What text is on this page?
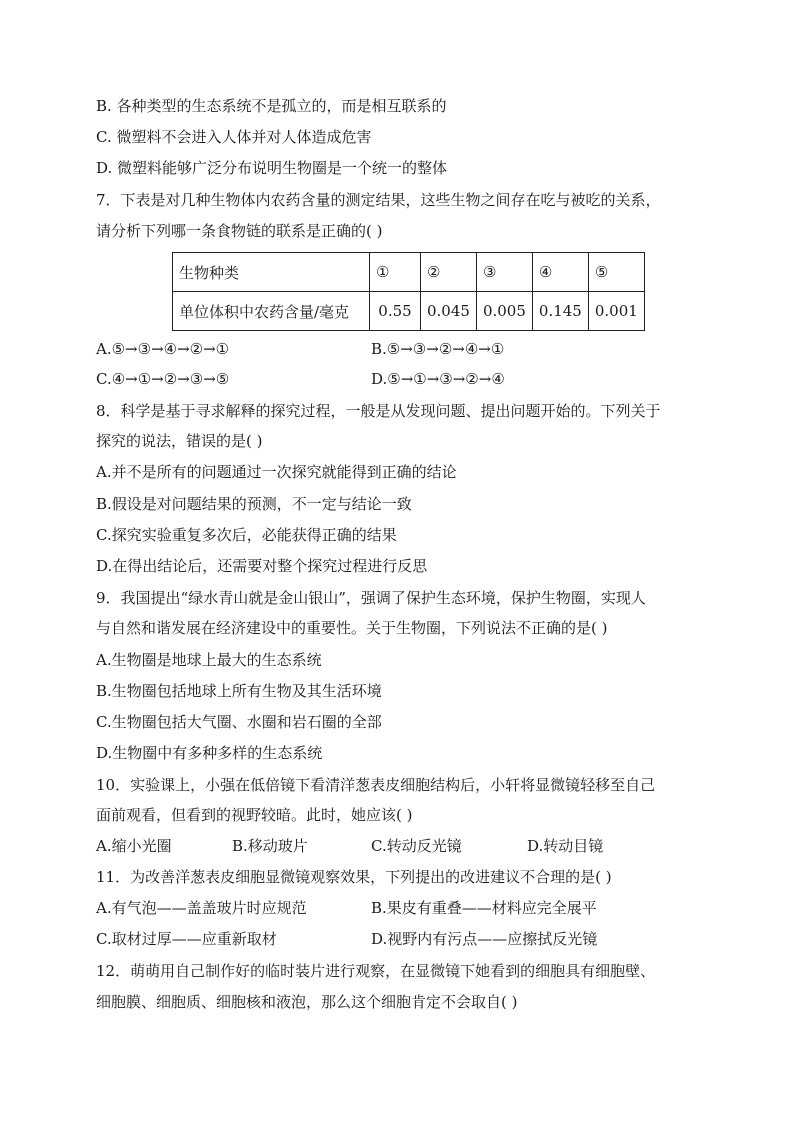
B. 各种类型的生态系统不是孤立的，而是相互联系的
C. 微塑料不会进入人体并对人体造成危害
D. 微塑料能够广泛分布说明生物圈是一个统一的整体
7．下表是对几种生物体内农药含量的测定结果，这些生物之间存在吃与被吃的关系，
请分析下列哪一条食物链的联系是正确的( )
生物种类	①	②	③	④	⑤
单位体积中农药含量/毫克	0.55	0.045	0.005	0.145	0.001
A.⑤→③→④→②→①	B.⑤→③→②→④→①
C.④→①→②→③→⑤	D.⑤→①→③→②→④
8．科学是基于寻求解释的探究过程，一般是从发现问题、提出问题开始的。下列关于
探究的说法，错误的是( )
A.并不是所有的问题通过一次探究就能得到正确的结论
B.假设是对问题结果的预测，不一定与结论一致
C.探究实验重复多次后，必能获得正确的结果
D.在得出结论后，还需要对整个探究过程进行反思
9．我国提出“绿水青山就是金山银山”，强调了保护生态环境，保护生物圈，实现人
与自然和谐发展在经济建设中的重要性。关于生物圈，下列说法不正确的是( )
A.生物圈是地球上最大的生态系统
B.生物圈包括地球上所有生物及其生活环境
C.生物圈包括大气圈、水圈和岩石圈的全部
D.生物圈中有多种多样的生态系统
10．实验课上，小强在低倍镜下看清洋葱表皮细胞结构后，小轩将显微镜轻移至自己
面前观看，但看到的视野较暗。此时，她应该( )
A.缩小光圈	B.移动玻片	C.转动反光镜	D.转动目镜
11．为改善洋葱表皮细胞显微镜观察效果，下列提出的改进建议不合理的是( )
A.有气泡——盖盖玻片时应规范	B.果皮有重叠——材料应完全展平
C.取材过厚——应重新取材	D.视野内有污点——应擦拭反光镜
12．萌萌用自己制作好的临时装片进行观察，在显微镜下她看到的细胞具有细胞壁、
细胞膜、细胞质、细胞核和液泡，那么这个细胞肯定不会取自( )
